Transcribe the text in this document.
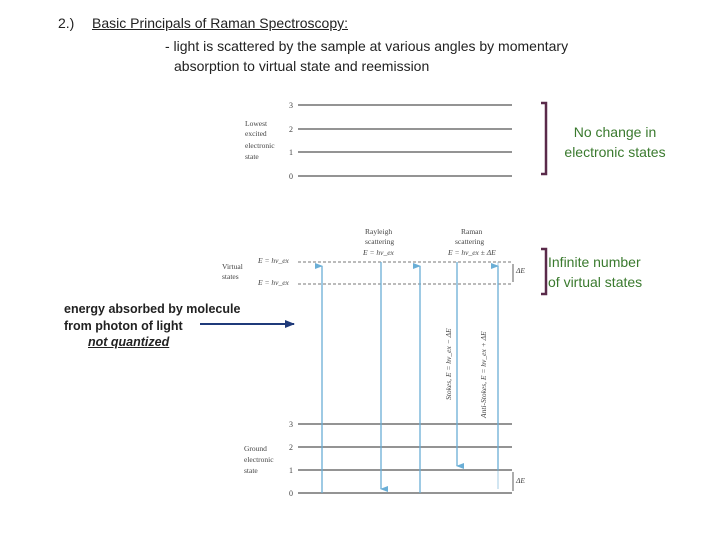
2.) Basic Principals of Raman Spectroscopy:
- light is scattered by the sample at various angles by momentary
absorption to virtual state and reemission
No change in
electronic states
Infinite number
of virtual states
energy absorbed by molecule
from photon of light
not quantized
3
2
1
0
Lowest
excited
electronic
state
Rayleigh
scattering
E = hν_ex
Raman
scattering
E = hν_ex ± ΔE
Virtual
states
E = hν_ex
E = hν_ex
ΔE
3
2
1
0
Ground
electronic
state
ΔE
Stokes, E = hν_ex − ΔE	Anti-Stokes, E = hν_ex + ΔE
